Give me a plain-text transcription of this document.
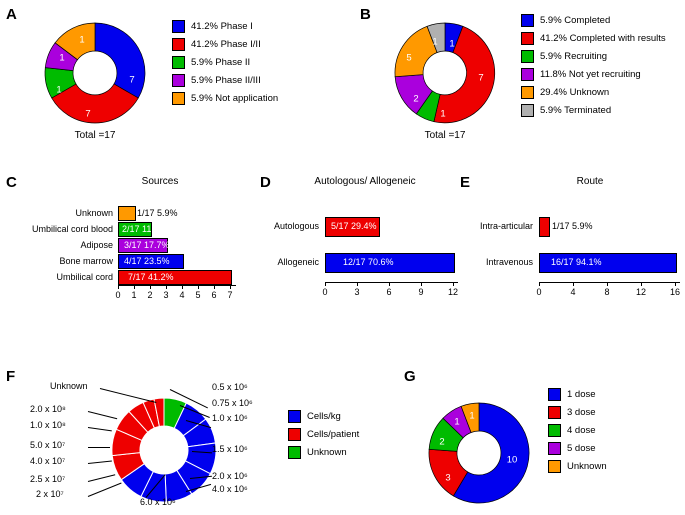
A
7
7
1
1
1
Total =17
41.2% Phase I
41.2% Phase I/II
5.9% Phase II
5.9% Phase II/III
5.9% Not application
B
1
7
1
2
5
1
Total =17
5.9% Completed
41.2% Completed with results
5.9% Recruiting
11.8% Not yet recruiting
29.4% Unknown
5.9% Terminated
C	Sources
Unknown
Umbilical cord blood
Adipose
Bone marrow
Umbilical cord
1/17 5.9%
2/17 11.8%
3/17 17.7%
4/17 23.5%
7/17 41.2%
0 1 2 3 4 5 6 7
D	Autologous/ Allogeneic
Autologous
Allogeneic
5/17 29.4%
12/17 70.6%
0	3	6	9	12
E	Route
Intra-articular
Intravenous
1/17 5.9%
16/17 94.1%
0	4	8	12	16
F
Unknown
2.0 x 10⁸
1.0 x 10⁸
5.0 x 10⁷
4.0 x 10⁷
2.5 x 10⁷
2 x 10⁷
6.0 x 10⁶
4.0 x 10⁶
2.0 x 10⁶
1.5 x 10⁶
1.0 x 10⁶
0.75 x 10⁶
0.5 x 10⁶
Cells/kg
Cells/patient
Unknown
G
10
3
2
1
1
1 dose
3 dose
4 dose
5 dose
Unknown
